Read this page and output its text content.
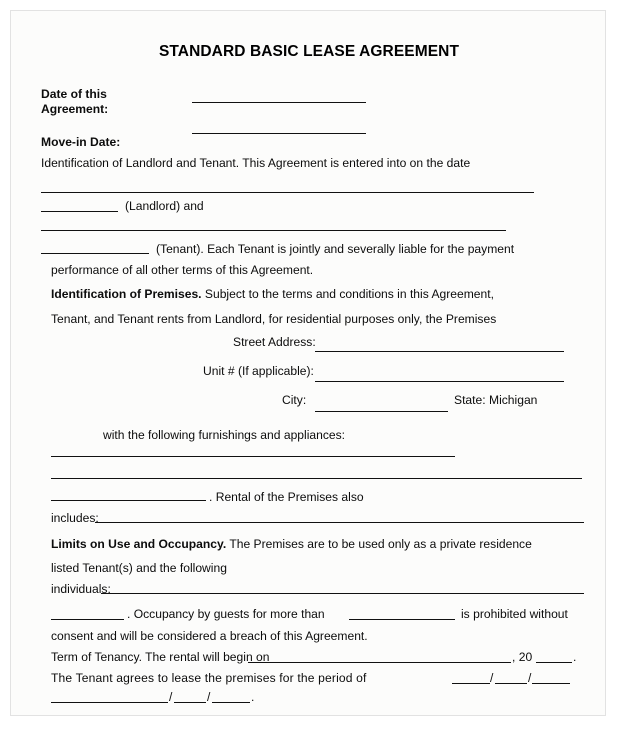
STANDARD BASIC LEASE AGREEMENT
Date of this
Agreement:
Move-in Date:
Identification of Landlord and Tenant. This Agreement is entered into on the date
(Landlord) and
(Tenant). Each Tenant is jointly and severally liable for the payment
performance of all other terms of this Agreement.
Identification of Premises. Subject to the terms and conditions in this Agreement,
Tenant, and Tenant rents from Landlord, for residential purposes only, the Premises
Street Address:
Unit # (If applicable):
City:	State: Michigan
with the following furnishings and appliances:
. Rental of the Premises also
includes:
Limits on Use and Occupancy. The Premises are to be used only as a private residence
listed Tenant(s) and the following
individuals:
. Occupancy by guests for more than	is prohibited without
consent and will be considered a breach of this Agreement.
Term of Tenancy. The rental will begin on	, 20	.
The Tenant agrees to lease the premises for the period of	/	/
/	/	.
